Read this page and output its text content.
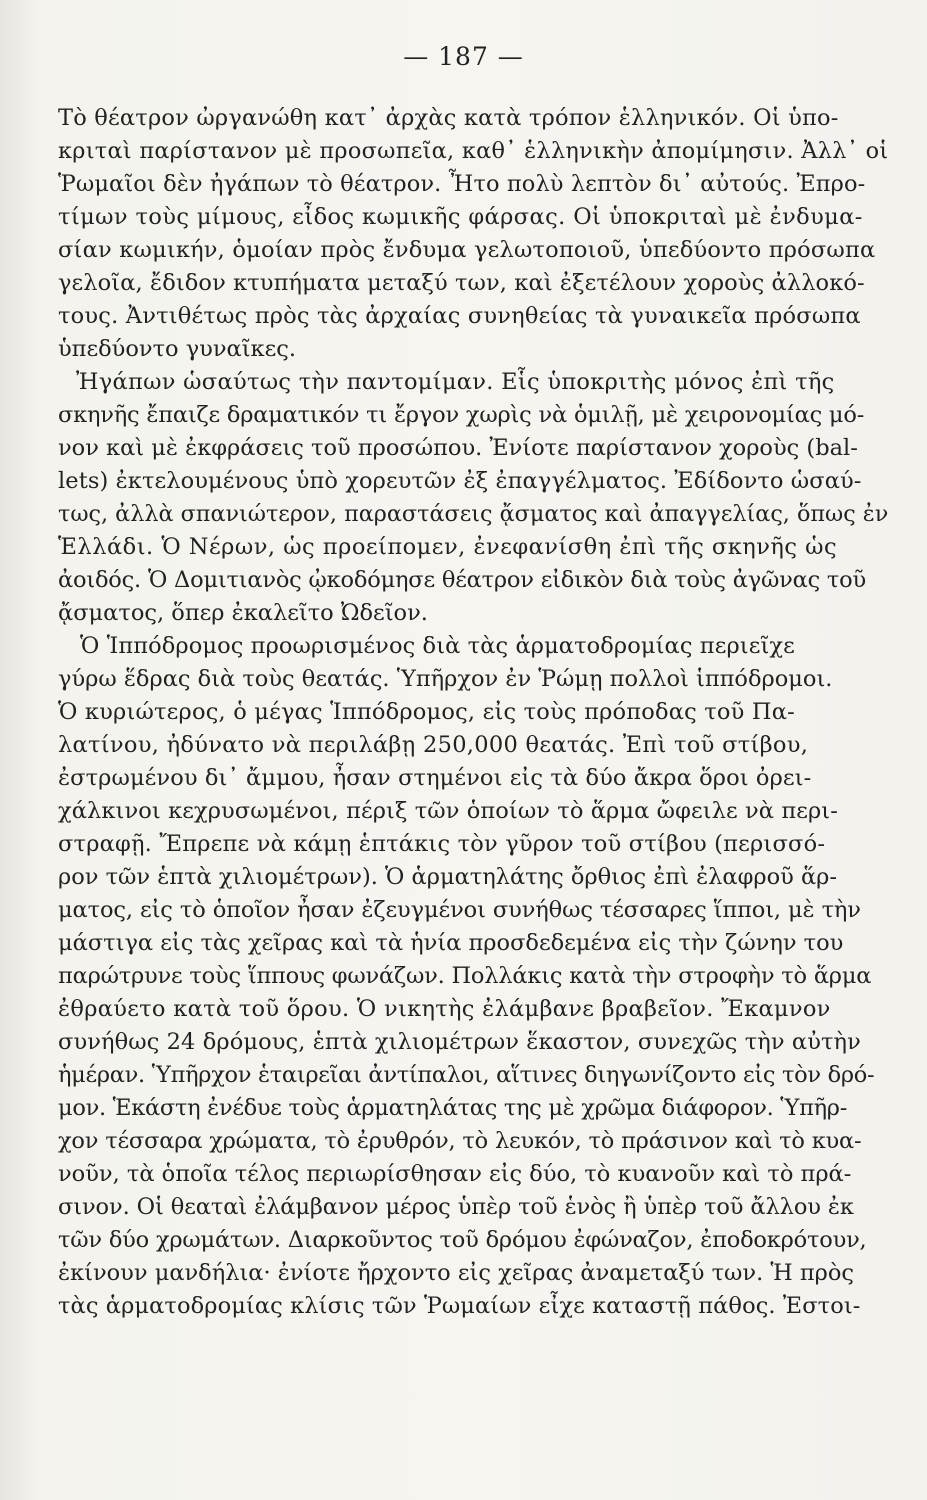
— 187 —
Τὸ θέατρον ὠργανώθη κατ᾽ ἀρχὰς κατὰ τρόπον ἑλληνικόν. Οἱ ὑπο-
κριταὶ παρίστανον μὲ προσωπεῖα, καθ᾽ ἑλληνικὴν ἀπομίμησιν. Ἀλλ᾽ οἱ
Ῥωμαῖοι δὲν ἠγάπων τὸ θέατρον. Ἦτο πολὺ λεπτὸν δι᾽ αὐτούς. Ἐπρο-
τίμων τοὺς μίμους, εἶδος κωμικῆς φάρσας. Οἱ ὑποκριταὶ μὲ ἐνδυμα-
σίαν κωμικήν, ὁμοίαν πρὸς ἔνδυμα γελωτοποιοῦ, ὑπεδύοντο πρόσωπα
γελοῖα, ἔδιδον κτυπήματα μεταξύ των, καὶ ἐξετέλουν χοροὺς ἀλλοκό-
τους. Ἀντιθέτως πρὸς τὰς ἀρχαίας συνηθείας τὰ γυναικεῖα πρόσωπα
ὑπεδύοντο γυναῖκες.
Ἠγάπων ὡσαύτως τὴν παντομίμαν. Εἷς ὑποκριτὴς μόνος ἐπὶ τῆς
σκηνῆς ἔπαιζε δραματικόν τι ἔργον χωρὶς νὰ ὁμιλῇ, μὲ χειρονομίας μό-
νον καὶ μὲ ἐκφράσεις τοῦ προσώπου. Ἐνίοτε παρίστανον χοροὺς (bal-
lets) ἐκτελουμένους ὑπὸ χορευτῶν ἐξ ἐπαγγέλματος. Ἐδίδοντο ὡσαύ-
τως, ἀλλὰ σπανιώτερον, παραστάσεις ᾄσματος καὶ ἀπαγγελίας, ὅπως ἐν
Ἑλλάδι. Ὁ Νέρων, ὡς προείπομεν, ἐνεφανίσθη ἐπὶ τῆς σκηνῆς ὡς
ἀοιδός. Ὁ Δομιτιανὸς ᾠκοδόμησε θέατρον εἰδικὸν διὰ τοὺς ἀγῶνας τοῦ
ᾄσματος, ὅπερ ἐκαλεῖτο Ὠδεῖον.
Ὁ Ἱππόδρομος προωρισμένος διὰ τὰς ἁρματοδρομίας περιεῖχε
γύρω ἕδρας διὰ τοὺς θεατάς. Ὑπῆρχον ἐν Ῥώμῃ πολλοὶ ἱππόδρομοι.
Ὁ κυριώτερος, ὁ μέγας Ἱππόδρομος, εἰς τοὺς πρόποδας τοῦ Πα-
λατίνου, ἠδύνατο νὰ περιλάβῃ 250,000 θεατάς. Ἐπὶ τοῦ στίβου,
ἐστρωμένου δι᾽ ἄμμου, ἦσαν στημένοι εἰς τὰ δύο ἄκρα ὅροι ὀρει-
χάλκινοι κεχρυσωμένοι, πέριξ τῶν ὁποίων τὸ ἅρμα ὤφειλε νὰ περι-
στραφῇ. Ἔπρεπε νὰ κάμῃ ἑπτάκις τὸν γῦρον τοῦ στίβου (περισσό-
ρον τῶν ἑπτὰ χιλιομέτρων). Ὁ ἁρματηλάτης ὄρθιος ἐπὶ ἐλαφροῦ ἅρ-
ματος, εἰς τὸ ὁποῖον ἦσαν ἐζευγμένοι συνήθως τέσσαρες ἵπποι, μὲ τὴν
μάστιγα εἰς τὰς χεῖρας καὶ τὰ ἡνία προσδεδεμένα εἰς τὴν ζώνην του
παρώτρυνε τοὺς ἵππους φωνάζων. Πολλάκις κατὰ τὴν στροφὴν τὸ ἅρμα
ἐθραύετο κατὰ τοῦ ὅρου. Ὁ νικητὴς ἐλάμβανε βραβεῖον. Ἔκαμνον
συνήθως 24 δρόμους, ἑπτὰ χιλιομέτρων ἕκαστον, συνεχῶς τὴν αὐτὴν
ἡμέραν. Ὑπῆρχον ἑταιρεῖαι ἀντίπαλοι, αἵτινες διηγωνίζοντο εἰς τὸν δρό-
μον. Ἑκάστη ἐνέδυε τοὺς ἁρματηλάτας της μὲ χρῶμα διάφορον. Ὑπῆρ-
χον τέσσαρα χρώματα, τὸ ἐρυθρόν, τὸ λευκόν, τὸ πράσινον καὶ τὸ κυα-
νοῦν, τὰ ὁποῖα τέλος περιωρίσθησαν εἰς δύο, τὸ κυανοῦν καὶ τὸ πρά-
σινον. Οἱ θεαταὶ ἐλάμβανον μέρος ὑπὲρ τοῦ ἑνὸς ἢ ὑπὲρ τοῦ ἄλλου ἐκ
τῶν δύο χρωμάτων. Διαρκοῦντος τοῦ δρόμου ἐφώναζον, ἐποδοκρότουν,
ἐκίνουν μανδήλια· ἐνίοτε ἤρχοντο εἰς χεῖρας ἀναμεταξύ των. Ἡ πρὸς
τὰς ἁρματοδρομίας κλίσις τῶν Ῥωμαίων εἶχε καταστῇ πάθος. Ἐστοι-
